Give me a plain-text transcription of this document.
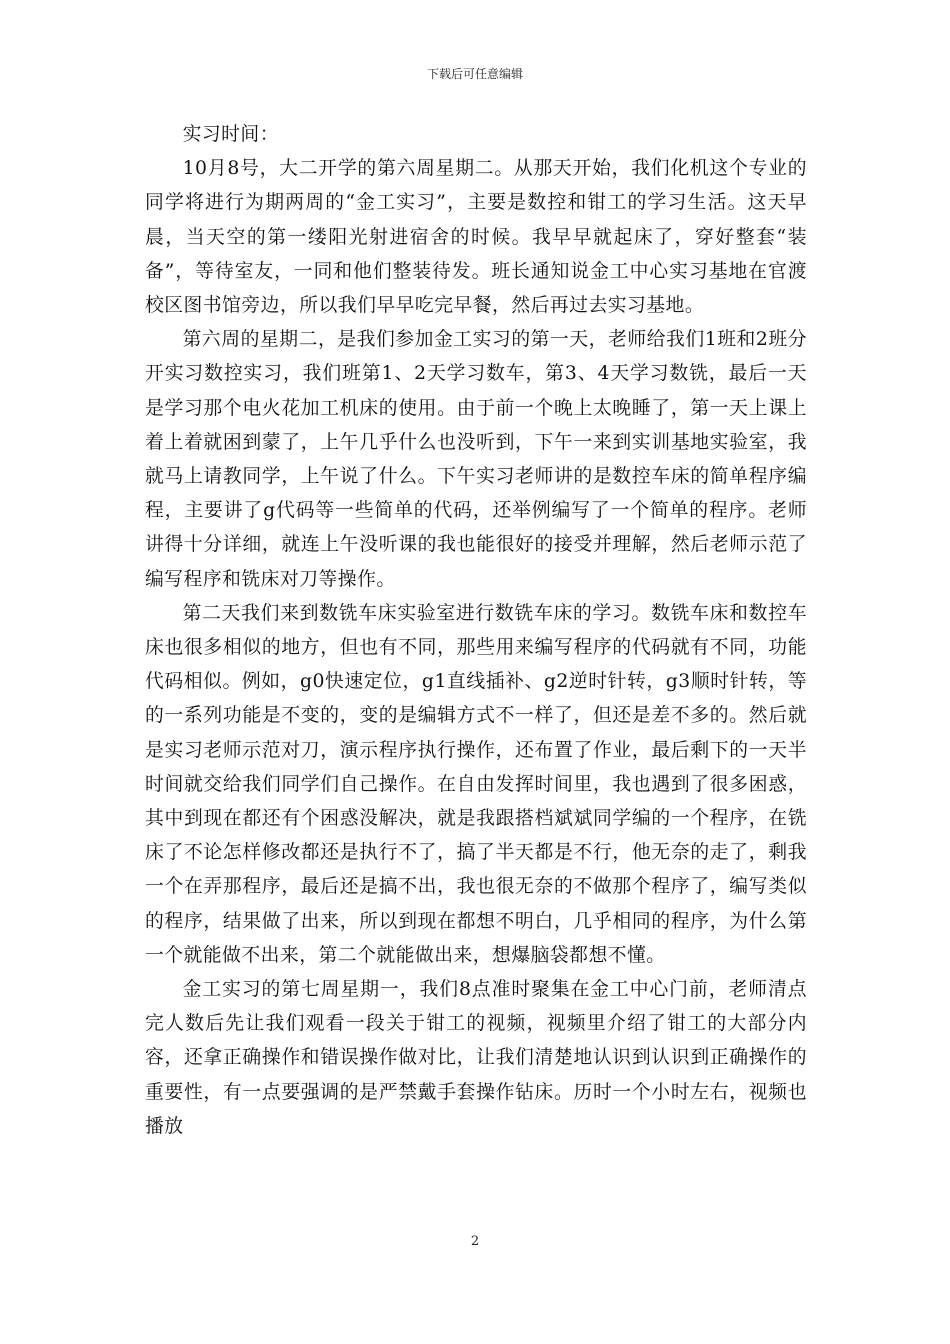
下载后可任意编辑

实习时间：

10月8号，大二开学的第六周星期二。从那天开始，我们化机这个专业的同学将进行为期两周的“金工实习”，主要是数控和钳工的学习生活。这天早晨，当天空的第一缕阳光射进宿舍的时候。我早早就起床了，穿好整套“装备”，等待室友，一同和他们整装待发。班长通知说金工中心实习基地在官渡校区图书馆旁边，所以我们早早吃完早餐，然后再过去实习基地。

第六周的星期二，是我们参加金工实习的第一天，老师给我们1班和2班分开实习数控实习，我们班第1、2天学习数车，第3、4天学习数铣，最后一天是学习那个电火花加工机床的使用。由于前一个晚上太晚睡了，第一天上课上着上着就困到蒙了，上午几乎什么也没听到，下午一来到实训基地实验室，我就马上请教同学，上午说了什么。下午实习老师讲的是数控车床的简单程序编程，主要讲了g代码等一些简单的代码，还举例编写了一个简单的程序。老师讲得十分详细，就连上午没听课的我也能很好的接受并理解，然后老师示范了编写程序和铣床对刀等操作。

第二天我们来到数铣车床实验室进行数铣车床的学习。数铣车床和数控车床也很多相似的地方，但也有不同，那些用来编写程序的代码就有不同，功能代码相似。例如，g0快速定位，g1直线插补、g2逆时针转，g3顺时针转，等的一系列功能是不变的，变的是编辑方式不一样了，但还是差不多的。然后就是实习老师示范对刀，演示程序执行操作，还布置了作业，最后剩下的一天半时间就交给我们同学们自己操作。在自由发挥时间里，我也遇到了很多困惑，其中到现在都还有个困惑没解决，就是我跟搭档斌斌同学编的一个程序，在铣床了不论怎样修改都还是执行不了，搞了半天都是不行，他无奈的走了，剩我一个在弄那程序，最后还是搞不出，我也很无奈的不做那个程序了，编写类似的程序，结果做了出来，所以到现在都想不明白，几乎相同的程序，为什么第一个就能做不出来，第二个就能做出来，想爆脑袋都想不懂。

金工实习的第七周星期一，我们8点准时聚集在金工中心门前，老师清点完人数后先让我们观看一段关于钳工的视频，视频里介绍了钳工的大部分内容，还拿正确操作和错误操作做对比，让我们清楚地认识到认识到正确操作的重要性，有一点要强调的是严禁戴手套操作钻床。历时一个小时左右，视频也播放

2
